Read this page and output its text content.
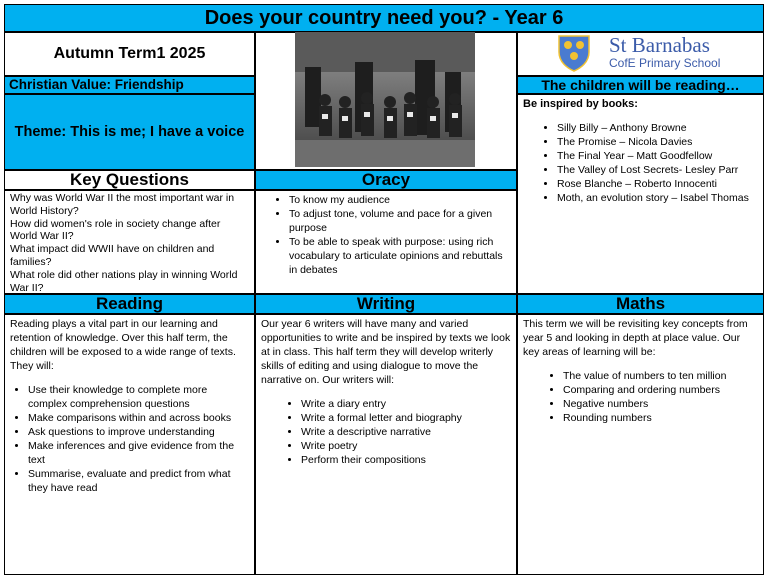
Does your country need you? - Year 6
Autumn Term1 2025
Christian Value: Friendship
Theme: This is me; I have a voice
St Barnabas
CofE Primary School
The children will be reading…
Be inspired by books:
• Silly Billy – Anthony Browne
• The Promise – Nicola Davies
• The Final Year – Matt Goodfellow
• The Valley of Lost Secrets- Lesley Parr
• Rose Blanche – Roberto Innocenti
• Moth, an evolution story – Isabel Thomas
Key Questions
Why was World War II the most important war in World History?
How did women's role in society change after World War II?
What impact did WWII have on children and families?
What role did other nations play in winning World War II?
Oracy
• To know my audience
• To adjust tone, volume and pace for a given purpose
• To be able to speak with purpose: using rich vocabulary to articulate opinions and rebuttals in debates
Reading
Reading plays a vital part in our learning and retention of knowledge. Over this half term, the children will be exposed to a wide range of texts. They will:
• Use their knowledge to complete more complex comprehension questions
• Make comparisons within and across books
• Ask questions to improve understanding
• Make inferences and give evidence from the text
• Summarise, evaluate and predict from what they have read
Writing
Our year 6 writers will have many and varied opportunities to write and be inspired by texts we look at in class. This half term they will develop writerly skills of editing and using dialogue to move the narrative on. Our writers will:
• Write a diary entry
• Write a formal letter and biography
• Write a descriptive narrative
• Write poetry
• Perform their compositions
Maths
This term we will be revisiting key concepts from year 5 and looking in depth at place value. Our key areas of learning will be:
• The value of numbers to ten million
• Comparing and ordering numbers
• Negative numbers
• Rounding numbers
